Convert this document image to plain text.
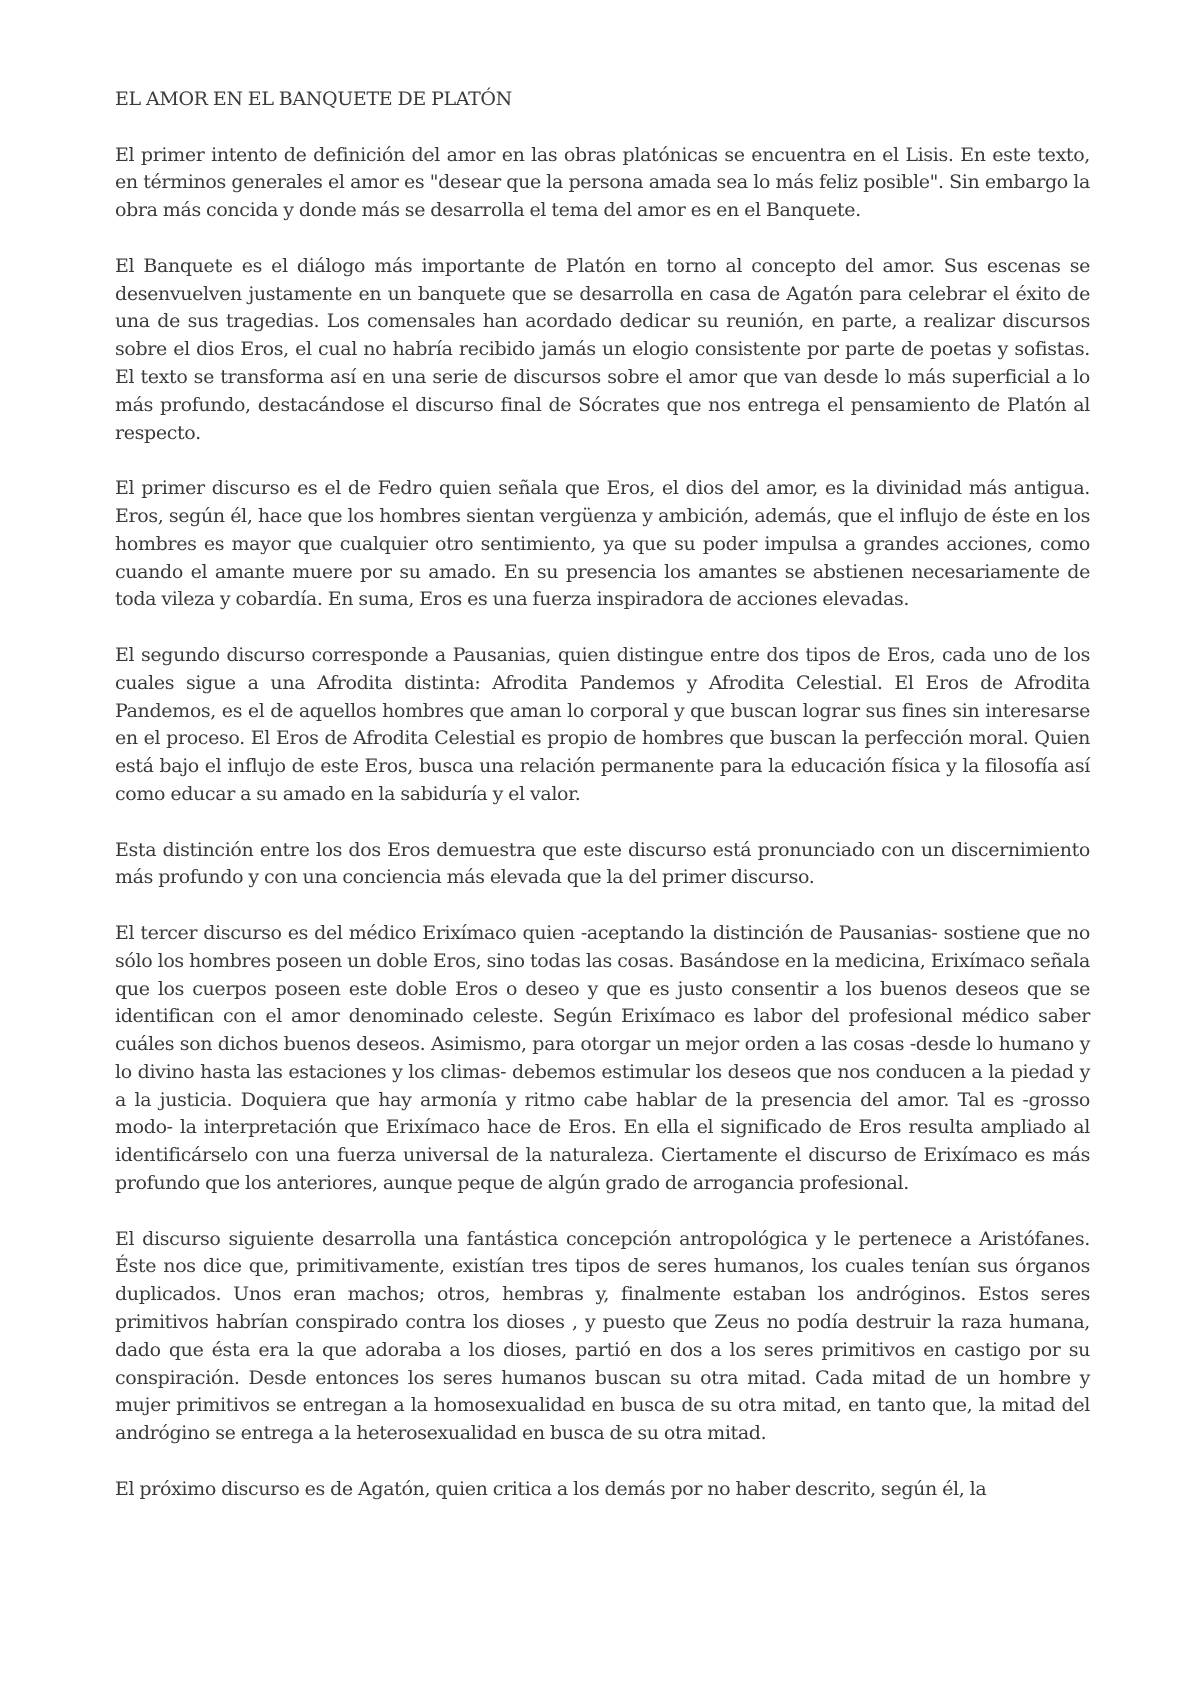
EL AMOR EN EL BANQUETE DE PLATÓN

El primer intento de definición del amor en las obras platónicas se encuentra en el Lisis. En este texto, en términos generales el amor es "desear que la persona amada sea lo más feliz posible". Sin embargo la obra más concida y donde más se desarrolla el tema del amor es en el Banquete.

El Banquete es el diálogo más importante de Platón en torno al concepto del amor. Sus escenas se desenvuelven justamente en un banquete que se desarrolla en casa de Agatón para celebrar el éxito de una de sus tragedias. Los comensales han acordado dedicar su reunión, en parte, a realizar discursos sobre el dios Eros, el cual no habría recibido jamás un elogio consistente por parte de poetas y sofistas. El texto se transforma así en una serie de discursos sobre el amor que van desde lo más superficial a lo más profundo, destacándose el discurso final de Sócrates que nos entrega el pensamiento de Platón al respecto.

El primer discurso es el de Fedro quien señala que Eros, el dios del amor, es la divinidad más antigua. Eros, según él, hace que los hombres sientan vergüenza y ambición, además, que el influjo de éste en los hombres es mayor que cualquier otro sentimiento, ya que su poder impulsa a grandes acciones, como cuando el amante muere por su amado. En su presencia los amantes se abstienen necesariamente de toda vileza y cobardía. En suma, Eros es una fuerza inspiradora de acciones elevadas.

El segundo discurso corresponde a Pausanias, quien distingue entre dos tipos de Eros, cada uno de los cuales sigue a una Afrodita distinta: Afrodita Pandemos y Afrodita Celestial. El Eros de Afrodita Pandemos, es el de aquellos hombres que aman lo corporal y que buscan lograr sus fines sin interesarse en el proceso. El Eros de Afrodita Celestial es propio de hombres que buscan la perfección moral. Quien está bajo el influjo de este Eros, busca una relación permanente para la educación física y la filosofía así como educar a su amado en la sabiduría y el valor.

Esta distinción entre los dos Eros demuestra que este discurso está pronunciado con un discernimiento más profundo y con una conciencia más elevada que la del primer discurso.

El tercer discurso es del médico Erixímaco quien -aceptando la distinción de Pausanias- sostiene que no sólo los hombres poseen un doble Eros, sino todas las cosas. Basándose en la medicina, Erixímaco señala que los cuerpos poseen este doble Eros o deseo y que es justo consentir a los buenos deseos que se identifican con el amor denominado celeste. Según Erixímaco es labor del profesional médico saber cuáles son dichos buenos deseos. Asimismo, para otorgar un mejor orden a las cosas -desde lo humano y lo divino hasta las estaciones y los climas- debemos estimular los deseos que nos conducen a la piedad y a la justicia. Doquiera que hay armonía y ritmo cabe hablar de la presencia del amor. Tal es -grosso modo- la interpretación que Erixímaco hace de Eros. En ella el significado de Eros resulta ampliado al identificárselo con una fuerza universal de la naturaleza. Ciertamente el discurso de Erixímaco es más profundo que los anteriores, aunque peque de algún grado de arrogancia profesional.

El discurso siguiente desarrolla una fantástica concepción antropológica y le pertenece a Aristófanes. Éste nos dice que, primitivamente, existían tres tipos de seres humanos, los cuales tenían sus órganos duplicados. Unos eran machos; otros, hembras y, finalmente estaban los andróginos. Estos seres primitivos habrían conspirado contra los dioses , y puesto que Zeus no podía destruir la raza humana, dado que ésta era la que adoraba a los dioses, partió en dos a los seres primitivos en castigo por su conspiración. Desde entonces los seres humanos buscan su otra mitad. Cada mitad de un hombre y mujer primitivos se entregan a la homosexualidad en busca de su otra mitad, en tanto que, la mitad del andrógino se entrega a la heterosexualidad en busca de su otra mitad.

El próximo discurso es de Agatón, quien critica a los demás por no haber descrito, según él, la
